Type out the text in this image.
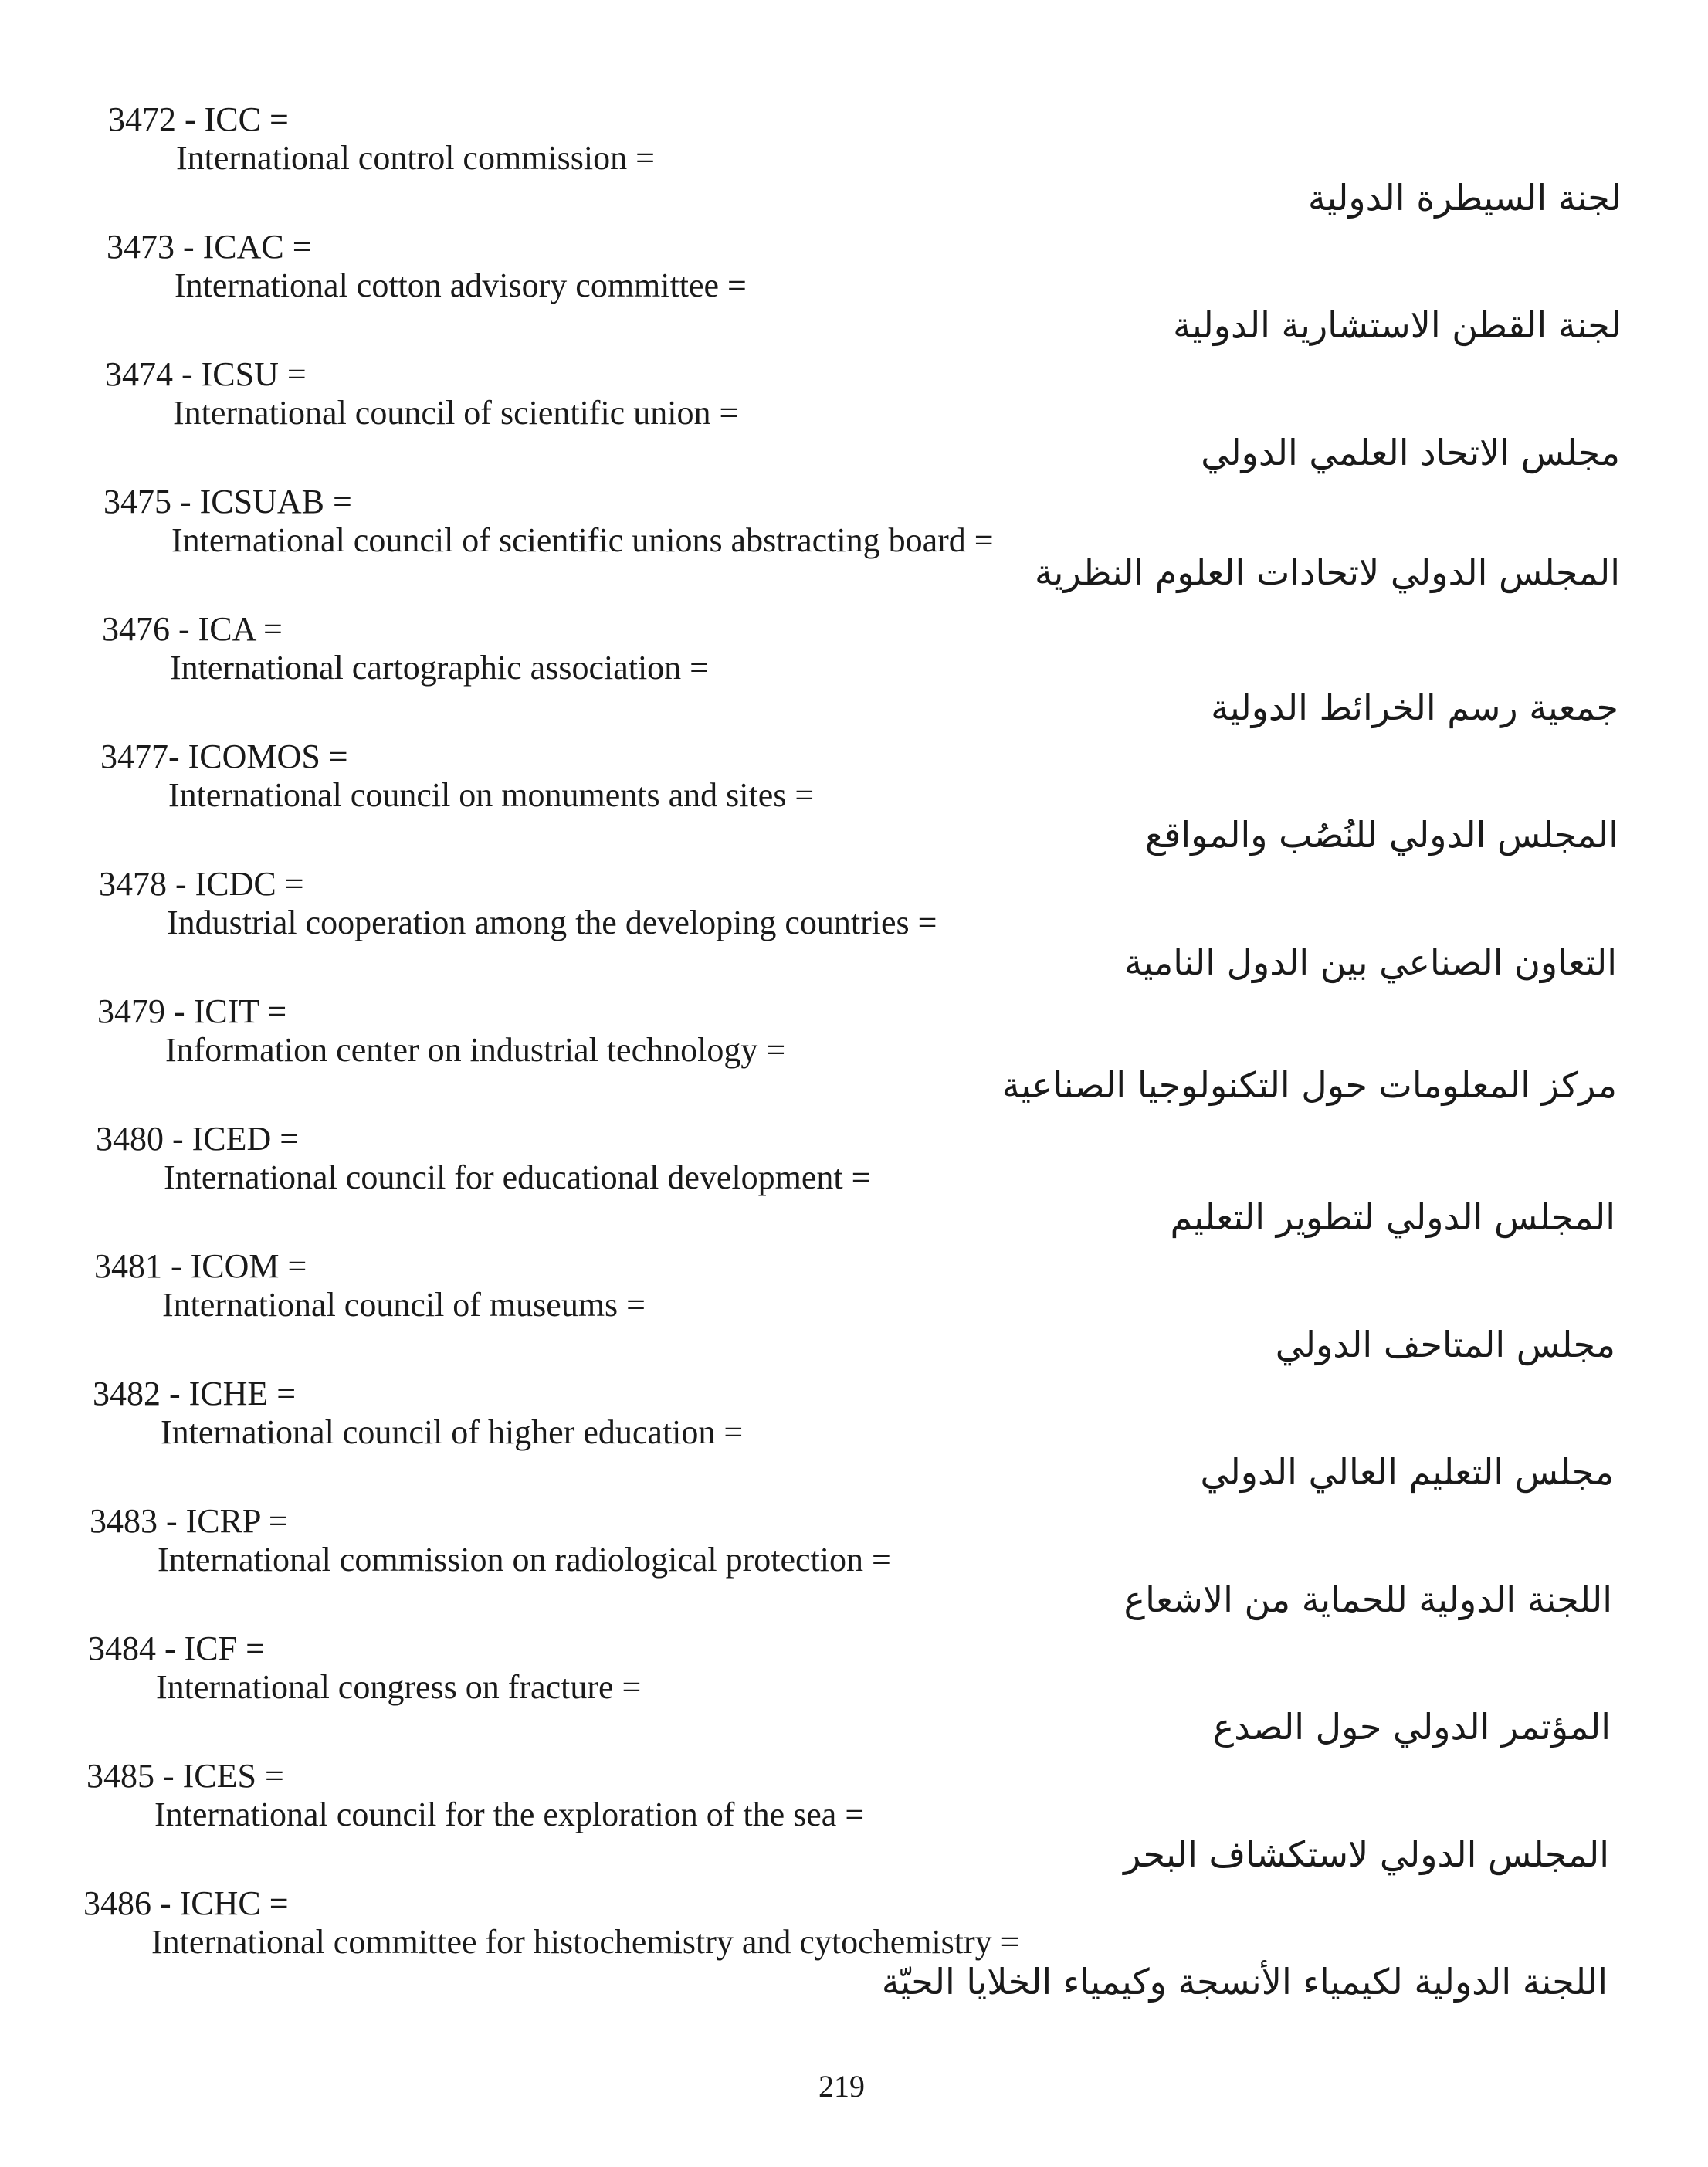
3472 - ICC =
International control commission =
لجنة السيطرة الدولية
3473 - ICAC =
International cotton advisory committee =
لجنة القطن الاستشارية الدولية
3474 - ICSU =
International council of scientific union =
مجلس الاتحاد العلمي الدولي
3475 - ICSUAB =
International council of scientific unions abstracting board =
المجلس الدولي لاتحادات العلوم النظرية
3476 - ICA =
International cartographic association =
جمعية رسم الخرائط الدولية
3477- ICOMOS =
International council on monuments and sites =
المجلس الدولي للنُصُب والمواقع
3478 - ICDC =
Industrial cooperation among the developing countries =
التعاون الصناعي بين الدول النامية
3479 - ICIT =
Information center on industrial technology =
مركز المعلومات حول التكنولوجيا الصناعية
3480 - ICED =
International council for educational development =
المجلس الدولي لتطوير التعليم
3481 - ICOM =
International council of museums =
مجلس المتاحف الدولي
3482 - ICHE =
International council of higher education =
مجلس التعليم العالي الدولي
3483 - ICRP =
International commission on radiological protection =
اللجنة الدولية للحماية من الاشعاع
3484 - ICF =
International congress on fracture =
المؤتمر الدولي حول الصدع
3485 - ICES =
International council for the exploration of the sea =
المجلس الدولي لاستكشاف البحر
3486 - ICHC =
International committee for histochemistry and cytochemistry =
اللجنة الدولية لكيمياء الأنسجة وكيمياء الخلايا الحيّة
219
